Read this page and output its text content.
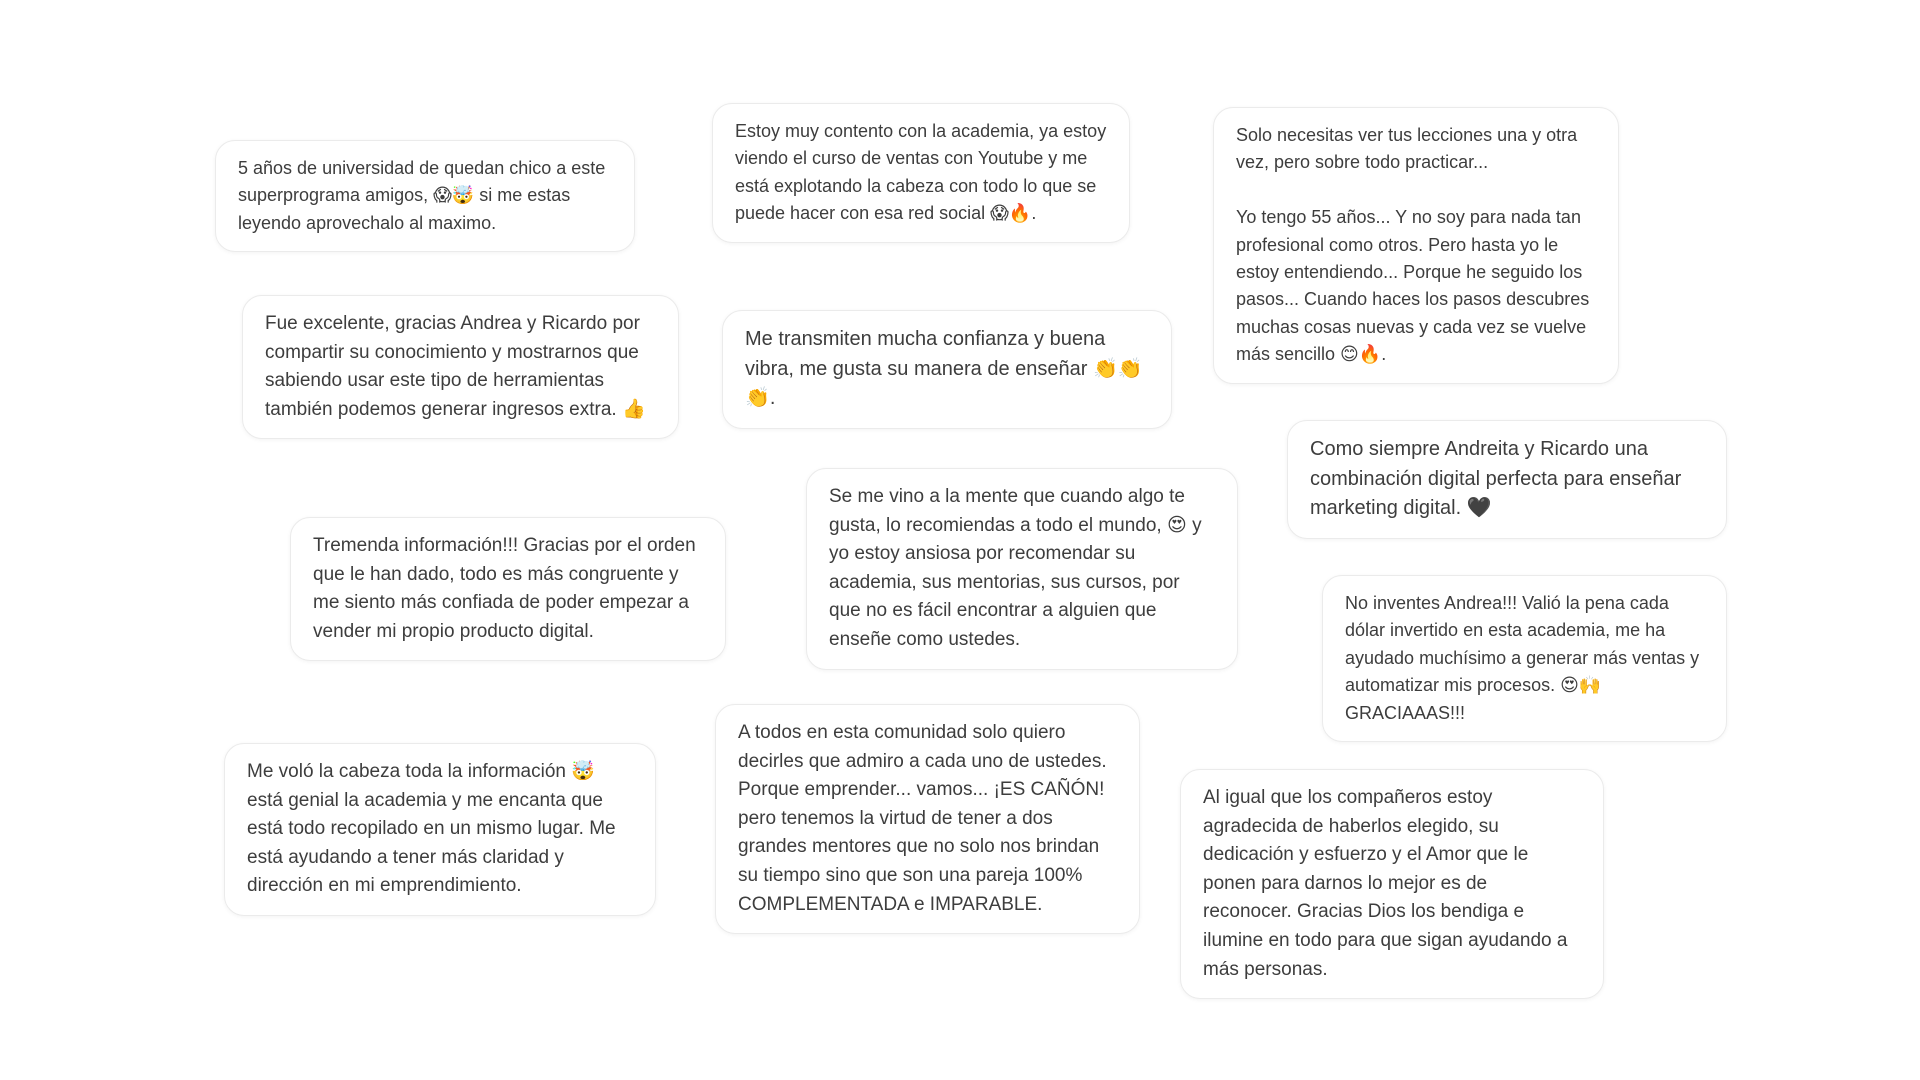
5 años de universidad de quedan chico a este superprograma amigos, 😱🤯 si me estas leyendo aprovechalo al maximo.
Estoy muy contento con la academia, ya estoy viendo el curso de ventas con Youtube y me está explotando la cabeza con todo lo que se puede hacer con esa red social 😱🔥.
Solo necesitas ver tus lecciones una y otra vez, pero sobre todo practicar...

Yo tengo 55 años... Y no soy para nada tan profesional como otros. Pero hasta yo le estoy entendiendo... Porque he seguido los pasos... Cuando haces los pasos descubres muchas cosas nuevas y cada vez se vuelve más sencillo 😊🔥.
Fue excelente, gracias Andrea y Ricardo por compartir su conocimiento y mostrarnos que sabiendo usar este tipo de herramientas también podemos generar ingresos extra. 👍
Me transmiten mucha confianza y buena vibra, me gusta su manera de enseñar 👏👏👏.
Como siempre Andreita y Ricardo una combinación digital perfecta para enseñar marketing digital. 🖤
Se me vino a la mente que cuando algo te gusta, lo recomiendas a todo el mundo, 😍 y yo estoy ansiosa por recomendar su academia, sus mentorias, sus cursos, por que no es fácil encontrar a alguien que enseñe como ustedes.
Tremenda información!!! Gracias por el orden que le han dado, todo es más congruente y me siento más confiada de poder empezar a vender mi propio producto digital.
No inventes Andrea!!! Valió la pena cada dólar invertido en esta academia, me ha ayudado muchísimo a generar más ventas y automatizar mis procesos. 😍🙌 GRACIAAAS!!!
A todos en esta comunidad solo quiero decirles que admiro a cada uno de ustedes. Porque emprender... vamos... ¡ES CAÑÓN! pero tenemos la virtud de tener a dos grandes mentores que no solo nos brindan su tiempo sino que son una pareja 100% COMPLEMENTADA e IMPARABLE.
Me voló la cabeza toda la información 🤯 está genial la academia y me encanta que está todo recopilado en un mismo lugar. Me está ayudando a tener más claridad y dirección en mi emprendimiento.
Al igual que los compañeros estoy agradecida de haberlos elegido, su dedicación y esfuerzo y el Amor que le ponen para darnos lo mejor es de reconocer. Gracias Dios los bendiga e ilumine en todo para que sigan ayudando a más personas.
